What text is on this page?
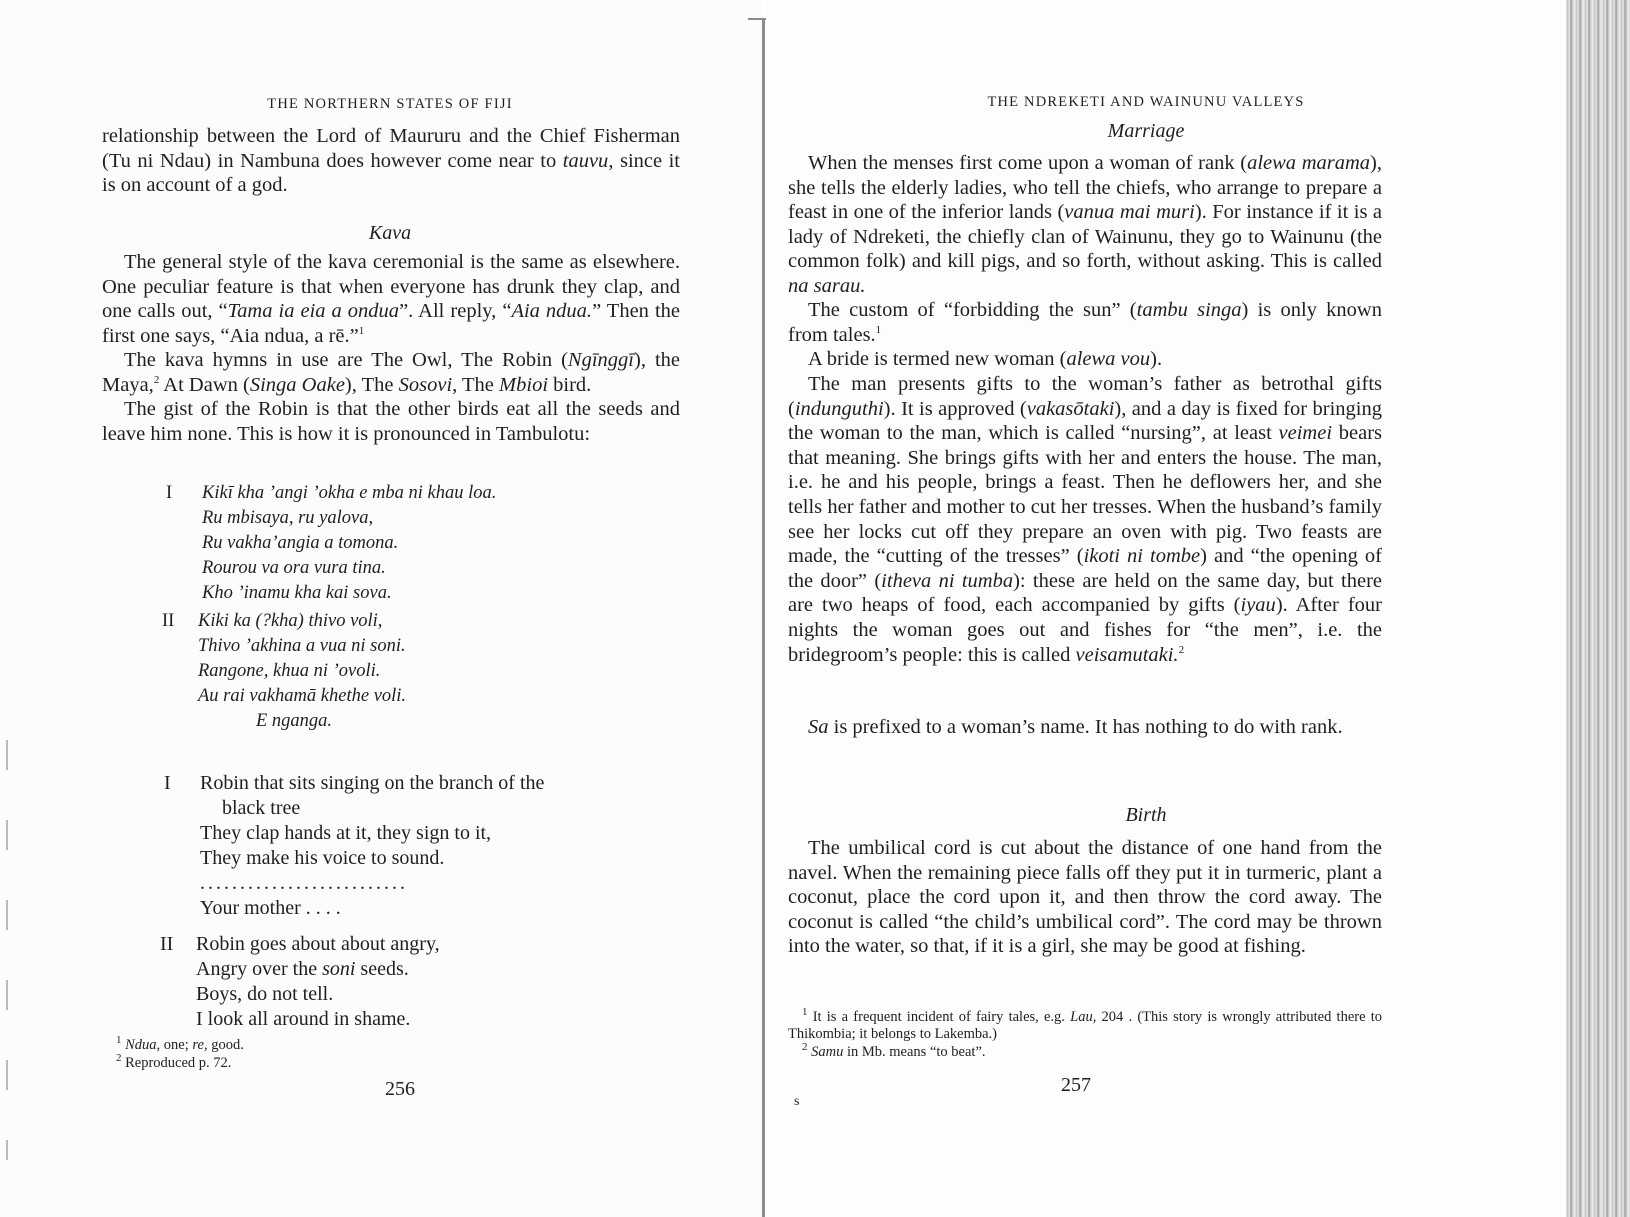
THE NORTHERN STATES OF FIJI

relationship between the Lord of Maururu and the Chief Fisherman (Tu ni Ndau) in Nambuna does however come near to tauvu, since it is on account of a god.

Kava

The general style of the kava ceremonial is the same as elsewhere. One peculiar feature is that when everyone has drunk they clap, and one calls out, “Tama ia eia a ondua”. All reply, “Aia ndua.” Then the first one says, “Aia ndua, a rē.”$^1$

The kava hymns in use are The Owl, The Robin (Ngīnggī), the Maya,$^2$ At Dawn (Singa Oake), The Sosovi, The Mbioi bird.

The gist of the Robin is that the other birds eat all the seeds and leave him none. This is how it is pronounced in Tambulotu:

I	Kikī kha ’angi ’okha e mba ni khau loa.
Ru mbisaya, ru yalova,
Ru vakha’angia a tomona.
Rourou va ora vura tina.
Kho ’inamu kha kai sova.
II	Kiki ka (?kha) thivo voli,
Thivo ’akhina a vua ni soni.
Rangone, khua ni ’ovoli.
Au rai vakhamā khethe voli.
E nganga.
I	Robin that sits singing on the branch of the
black tree
They clap hands at it, they sign to it,
They make his voice to sound.
..........................
Your mother . . . .
II	Robin goes about about angry,
Angry over the soni seeds.
Boys, do not tell.
I look all around in shame.

$^1$ Ndua, one; re, good.

$^2$ Reproduced p. 72.

256
THE NDREKETI AND WAINUNU VALLEYS
Marriage

When the menses first come upon a woman of rank (alewa marama), she tells the elderly ladies, who tell the chiefs, who arrange to prepare a feast in one of the inferior lands (vanua mai muri). For instance if it is a lady of Ndreketi, the chiefly clan of Wainunu, they go to Wainunu (the common folk) and kill pigs, and so forth, without asking. This is called na sarau.

The custom of “forbidding the sun” (tambu singa) is only known from tales.$^1$

A bride is termed new woman (alewa vou).

The man presents gifts to the woman’s father as betrothal gifts (indunguthi). It is approved (vakasōtaki), and a day is fixed for bringing the woman to the man, which is called “nursing”, at least veimei bears that meaning. She brings gifts with her and enters the house. The man, i.e. he and his people, brings a feast. Then he deflowers her, and she tells her father and mother to cut her tresses. When the husband’s family see her locks cut off they prepare an oven with pig. Two feasts are made, the “cutting of the tresses” (ikoti ni tombe) and “the opening of the door” (itheva ni tumba): these are held on the same day, but there are two heaps of food, each accompanied by gifts (iyau). After four nights the woman goes out and fishes for “the men”, i.e. the bridegroom’s people: this is called veisamutaki.$^2$

Sa is prefixed to a woman’s name. It has nothing to do with rank.

Birth

The umbilical cord is cut about the distance of one hand from the navel. When the remaining piece falls off they put it in turmeric, plant a coconut, place the cord upon it, and then throw the cord away. The coconut is called “the child’s umbilical cord”. The cord may be thrown into the water, so that, if it is a girl, she may be good at fishing.

$^1$ It is a frequent incident of fairy tales, e.g. Lau, 204 . (This story is wrongly attributed there to Thikombia; it belongs to Lakemba.)

$^2$ Samu in Mb. means “to beat”.

257
s
